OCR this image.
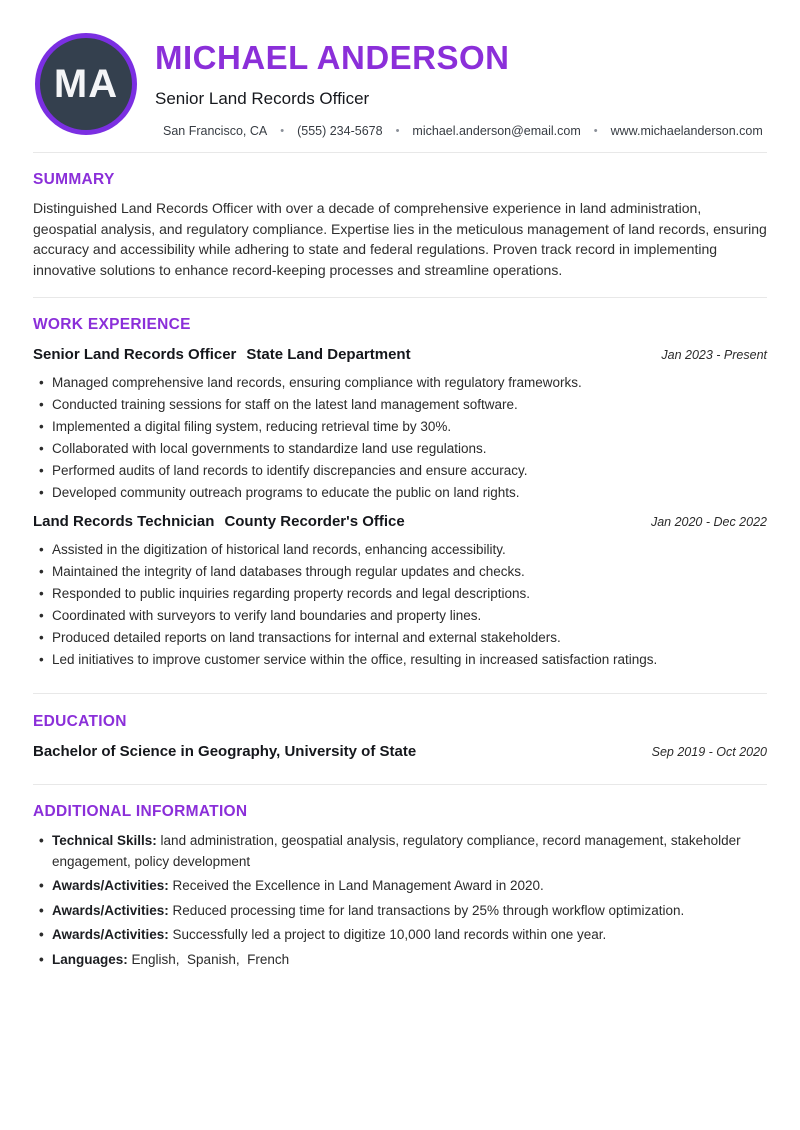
MA
MICHAEL ANDERSON
Senior Land Records Officer
San Francisco, CA • (555) 234-5678 • michael.anderson@email.com • www.michaelanderson.com
SUMMARY

Distinguished Land Records Officer with over a decade of comprehensive experience in land administration, geospatial analysis, and regulatory compliance. Expertise lies in the meticulous management of land records, ensuring accuracy and accessibility while adhering to state and federal regulations. Proven track record in implementing innovative solutions to enhance record-keeping processes and streamline operations.

WORK EXPERIENCE
Senior Land Records Officer State Land Department	Jan 2023 - Present
• Managed comprehensive land records, ensuring compliance with regulatory frameworks.
• Conducted training sessions for staff on the latest land management software.
• Implemented a digital filing system, reducing retrieval time by 30%.
• Collaborated with local governments to standardize land use regulations.
• Performed audits of land records to identify discrepancies and ensure accuracy.
• Developed community outreach programs to educate the public on land rights.
Land Records Technician County Recorder's Office	Jan 2020 - Dec 2022
• Assisted in the digitization of historical land records, enhancing accessibility.
• Maintained the integrity of land databases through regular updates and checks.
• Responded to public inquiries regarding property records and legal descriptions.
• Coordinated with surveyors to verify land boundaries and property lines.
• Produced detailed reports on land transactions for internal and external stakeholders.
• Led initiatives to improve customer service within the office, resulting in increased satisfaction ratings.
EDUCATION
Bachelor of Science in Geography, University of State	Sep 2019 - Oct 2020
ADDITIONAL INFORMATION
• Technical Skills: land administration, geospatial analysis, regulatory compliance, record management, stakeholder engagement, policy development
• Awards/Activities: Received the Excellence in Land Management Award in 2020.
• Awards/Activities: Reduced processing time for land transactions by 25% through workflow optimization.
• Awards/Activities: Successfully led a project to digitize 10,000 land records within one year.
• Languages: English,  Spanish,  French
